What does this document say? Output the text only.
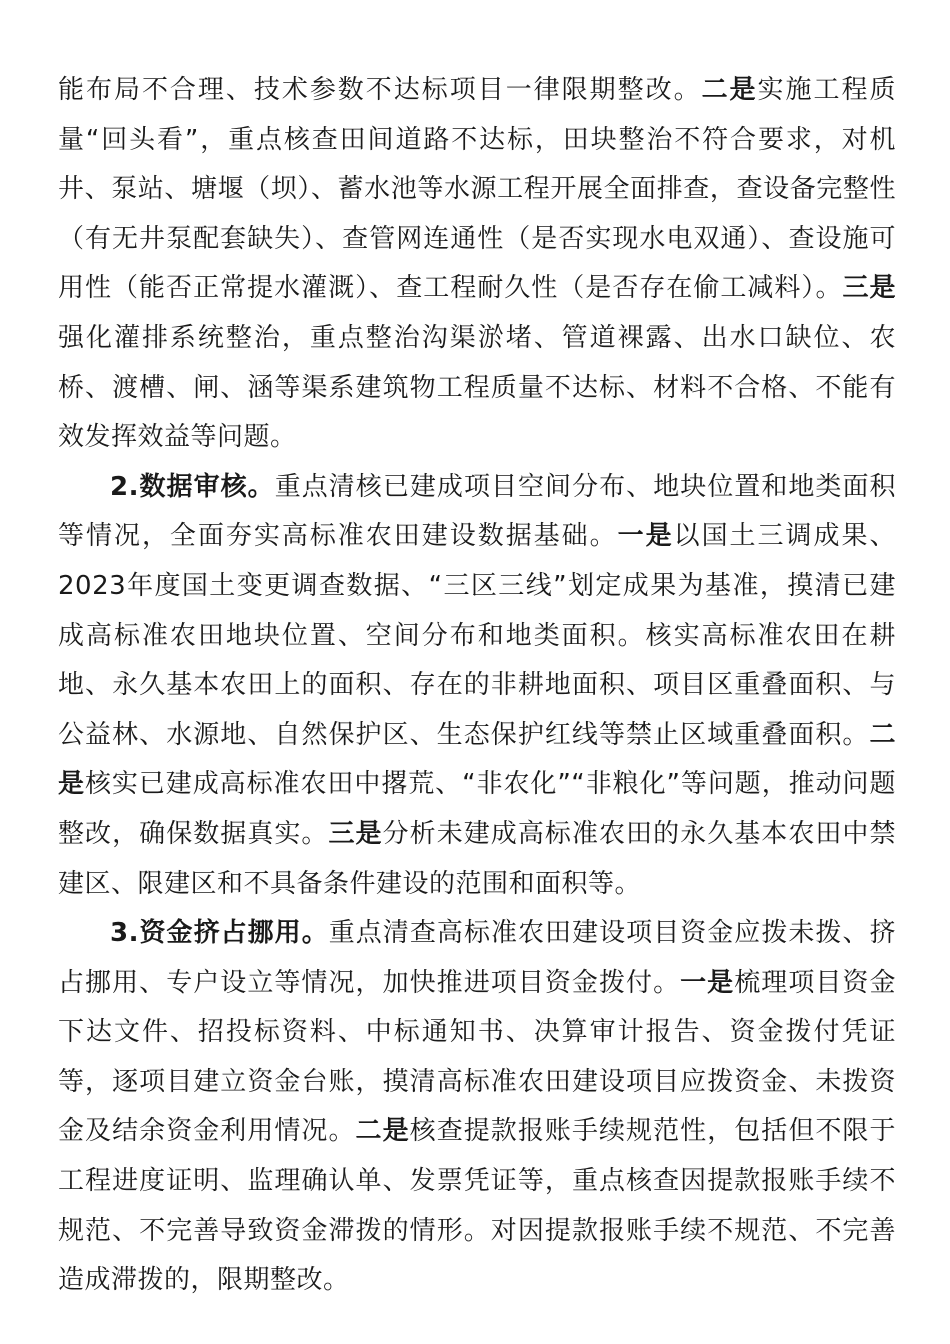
能布局不合理、技术参数不达标项目一律限期整改。二是实施工程质量“回头看”，重点核查田间道路不达标，田块整治不符合要求，对机井、泵站、塘堰（坝）、蓄水池等水源工程开展全面排查，查设备完整性（有无井泵配套缺失）、查管网连通性（是否实现水电双通）、查设施可用性（能否正常提水灌溉）、查工程耐久性（是否存在偷工减料）。三是强化灌排系统整治，重点整治沟渠淤堵、管道裸露、出水口缺位、农桥、渡槽、闸、涵等渠系建筑物工程质量不达标、材料不合格、不能有效发挥效益等问题。

2.数据审核。重点清核已建成项目空间分布、地块位置和地类面积等情况，全面夯实高标准农田建设数据基础。一是以国土三调成果、2023年度国土变更调查数据、“三区三线”划定成果为基准，摸清已建成高标准农田地块位置、空间分布和地类面积。核实高标准农田在耕地、永久基本农田上的面积、存在的非耕地面积、项目区重叠面积、与公益林、水源地、自然保护区、生态保护红线等禁止区域重叠面积。二是核实已建成高标准农田中撂荒、“非农化”“非粮化”等问题，推动问题整改，确保数据真实。三是分析未建成高标准农田的永久基本农田中禁建区、限建区和不具备条件建设的范围和面积等。

3.资金挤占挪用。重点清查高标准农田建设项目资金应拨未拨、挤占挪用、专户设立等情况，加快推进项目资金拨付。一是梳理项目资金下达文件、招投标资料、中标通知书、决算审计报告、资金拨付凭证等，逐项目建立资金台账，摸清高标准农田建设项目应拨资金、未拨资金及结余资金利用情况。二是核查提款报账手续规范性，包括但不限于工程进度证明、监理确认单、发票凭证等，重点核查因提款报账手续不规范、不完善导致资金滞拨的情形。对因提款报账手续不规范、不完善造成滞拨的，限期整改。
